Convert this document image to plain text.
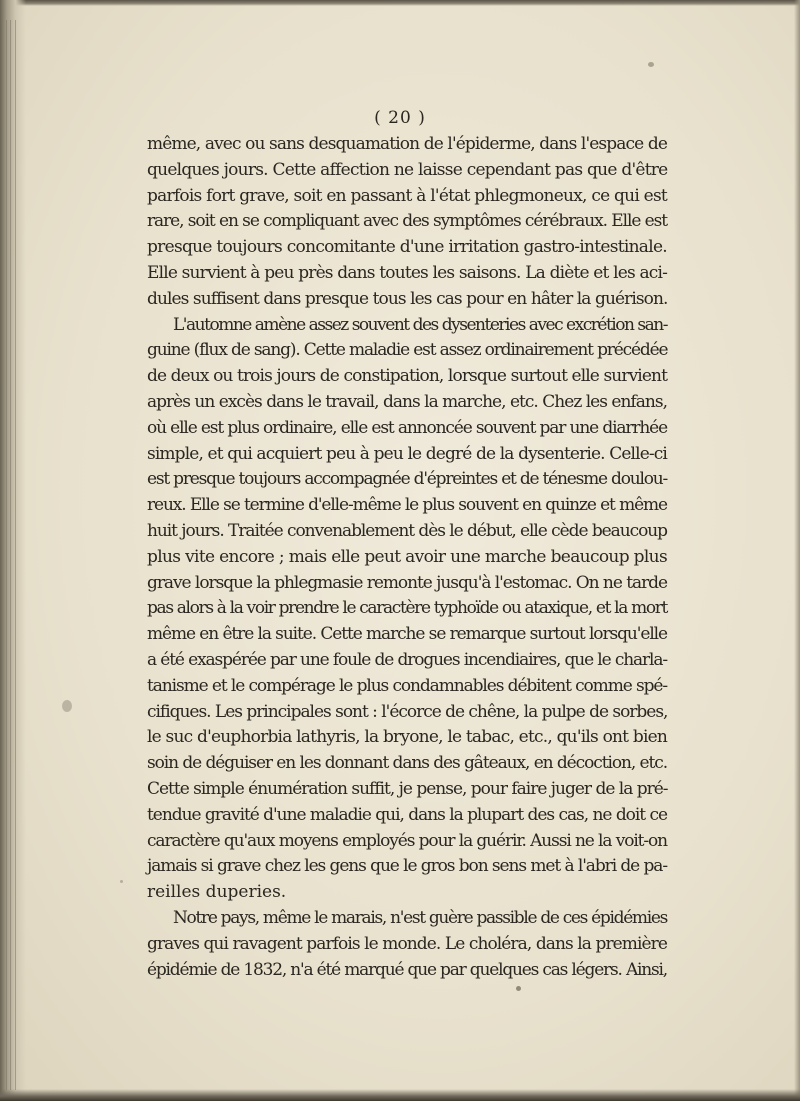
( 20 )
même, avec ou sans desquamation de l'épiderme, dans l'espace de
quelques jours. Cette affection ne laisse cependant pas que d'être
parfois fort grave, soit en passant à l'état phlegmoneux, ce qui est
rare, soit en se compliquant avec des symptômes cérébraux. Elle est
presque toujours concomitante d'une irritation gastro-intestinale.
Elle survient à peu près dans toutes les saisons. La diète et les aci-
dules suffisent dans presque tous les cas pour en hâter la guérison.
L'automne amène assez souvent des dysenteries avec excrétion san-
guine (flux de sang). Cette maladie est assez ordinairement précédée
de deux ou trois jours de constipation, lorsque surtout elle survient
après un excès dans le travail, dans la marche, etc. Chez les enfans,
où elle est plus ordinaire, elle est annoncée souvent par une diarrhée
simple, et qui acquiert peu à peu le degré de la dysenterie. Celle-ci
est presque toujours accompagnée d'épreintes et de ténesme doulou-
reux. Elle se termine d'elle-même le plus souvent en quinze et même
huit jours. Traitée convenablement dès le début, elle cède beaucoup
plus vite encore ; mais elle peut avoir une marche beaucoup plus
grave lorsque la phlegmasie remonte jusqu'à l'estomac. On ne tarde
pas alors à la voir prendre le caractère typhoïde ou ataxique, et la mort
même en être la suite. Cette marche se remarque surtout lorsqu'elle
a été exaspérée par une foule de drogues incendiaires, que le charla-
tanisme et le compérage le plus condamnables débitent comme spé-
cifiques. Les principales sont : l'écorce de chêne, la pulpe de sorbes,
le suc d'euphorbia lathyris, la bryone, le tabac, etc., qu'ils ont bien
soin de déguiser en les donnant dans des gâteaux, en décoction, etc.
Cette simple énumération suffit, je pense, pour faire juger de la pré-
tendue gravité d'une maladie qui, dans la plupart des cas, ne doit ce
caractère qu'aux moyens employés pour la guérir. Aussi ne la voit-on
jamais si grave chez les gens que le gros bon sens met à l'abri de pa-
reilles duperies.
Notre pays, même le marais, n'est guère passible de ces épidémies
graves qui ravagent parfois le monde. Le choléra, dans la première
épidémie de 1832, n'a été marqué que par quelques cas légers. Ainsi,
